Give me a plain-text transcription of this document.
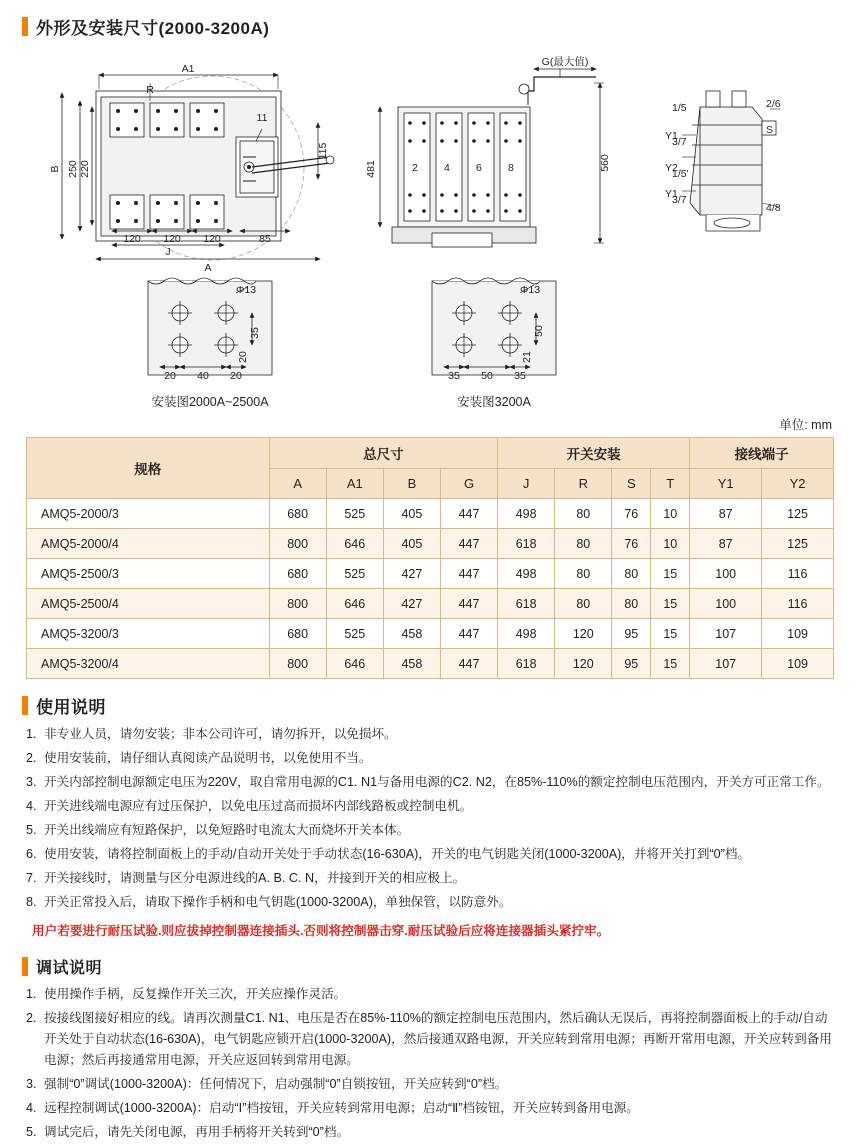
外形及安装尺寸(2000-3200A)
A1
R
B 250 220
11
115
120 120 120	85
J
A
481
G(最大值)
560
2 4 6 8
1/5	2/6
S
Y1
3/7
Y2
1/5'
Y1
3/7
4/8
Φ13
35
20 40 20
20
Φ13
50
21
35 50 35
安装图2000A~2500A	安装图3200A
单位: mm
规格	总尺寸				开关安装				接线端子	
	A	A1	B	G	J	R	S	T	Y1	Y2
AMQ5-2000/3	680	525	405	447	498	80	76	10	87	125
AMQ5-2000/4	800	646	405	447	618	80	76	10	87	125
AMQ5-2500/3	680	525	427	447	498	80	80	15	100	116
AMQ5-2500/4	800	646	427	447	618	80	80	15	100	116
AMQ5-3200/3	680	525	458	447	498	120	95	15	107	109
AMQ5-3200/4	800	646	458	447	618	120	95	15	107	109
使用说明
1. 非专业人员，请勿安装；非本公司许可，请勿拆开，以免损坏。
2. 使用安装前，请仔细认真阅读产品说明书，以免使用不当。
3. 开关内部控制电源额定电压为220V，取自常用电源的C1. N1与备用电源的C2. N2，在85%-110%的额定控制电压范围内，开关方可正常工作。
4. 开关进线端电源应有过压保护，以免电压过高而损坏内部线路板或控制电机。
5. 开关出线端应有短路保护，以免短路时电流太大而烧坏开关本体。
6. 使用安装，请将控制面板上的手动/自动开关处于手动状态(16-630A)，开关的电气钥匙关闭(1000-3200A)，并将开关打到“0”档。
7. 开关接线时，请测量与区分电源进线的A. B. C. N，并接到开关的相应极上。
8. 开关正常投入后，请取下操作手柄和电气钥匙(1000-3200A)，单独保管，以防意外。
用户若要进行耐压试验.则应拔掉控制器连接插头.否则将控制器击穿.耐压试验后应将连接器插头紧拧牢。
调试说明
1. 使用操作手柄，反复操作开关三次，开关应操作灵活。
2. 按接线图接好相应的线。请再次测量C1. N1、电压是否在85%-110%的额定控制电压范围内，然后确认无误后，再将控制器面板上的手动/自动开关处于自动状态(16-630A)，电气钥匙应锁开启(1000-3200A)，然后接通双路电源，开关应转到常用电源；再断开常用电源，开关应转到备用电源；然后再接通常用电源，开关应返回转到常用电源。
3. 强制“0”调试(1000-3200A)：任何情况下，启动强制“0”自锁按钮，开关应转到“0”档。
4. 远程控制调试(1000-3200A)：启动“Ⅰ”档按钮，开关应转到常用电源；启动“Ⅱ”档铵钮，开关应转到备用电源。
5. 调试完后，请先关闭电源，再用手柄将开关转到“0”档。
